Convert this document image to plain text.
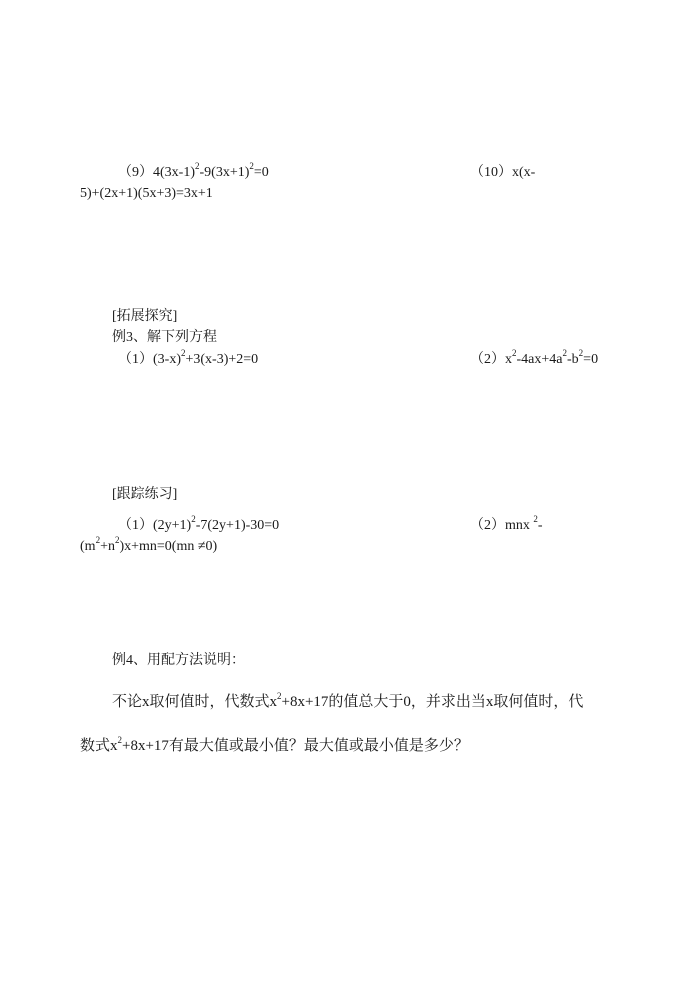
$(9)4(3x-1)^2-9(3x+1)^2=0$	（10）x(x-
5)+(2x+1)(5x+3)=3x+1
[拓展探究]
例3、解下列方程
$(1)(3-x)^2+3(x-3)+2=0$	$(2)x^2-4ax+4a^2-b^2=0$
[跟踪练习]
$(1)(2y+1)^2-7(2y+1)-30=0$	（2）mnx $^2$-
$(m^2+n^2)x+mn=0(mn \ne 0)$
例4、用配方法说明：
不论x取何值时，代数式$x^2+8x+17$的值总大于0，并求出当x取何值时，代
数式$x^2+8x+17$有最大值或最小值？最大值或最小值是多少？
